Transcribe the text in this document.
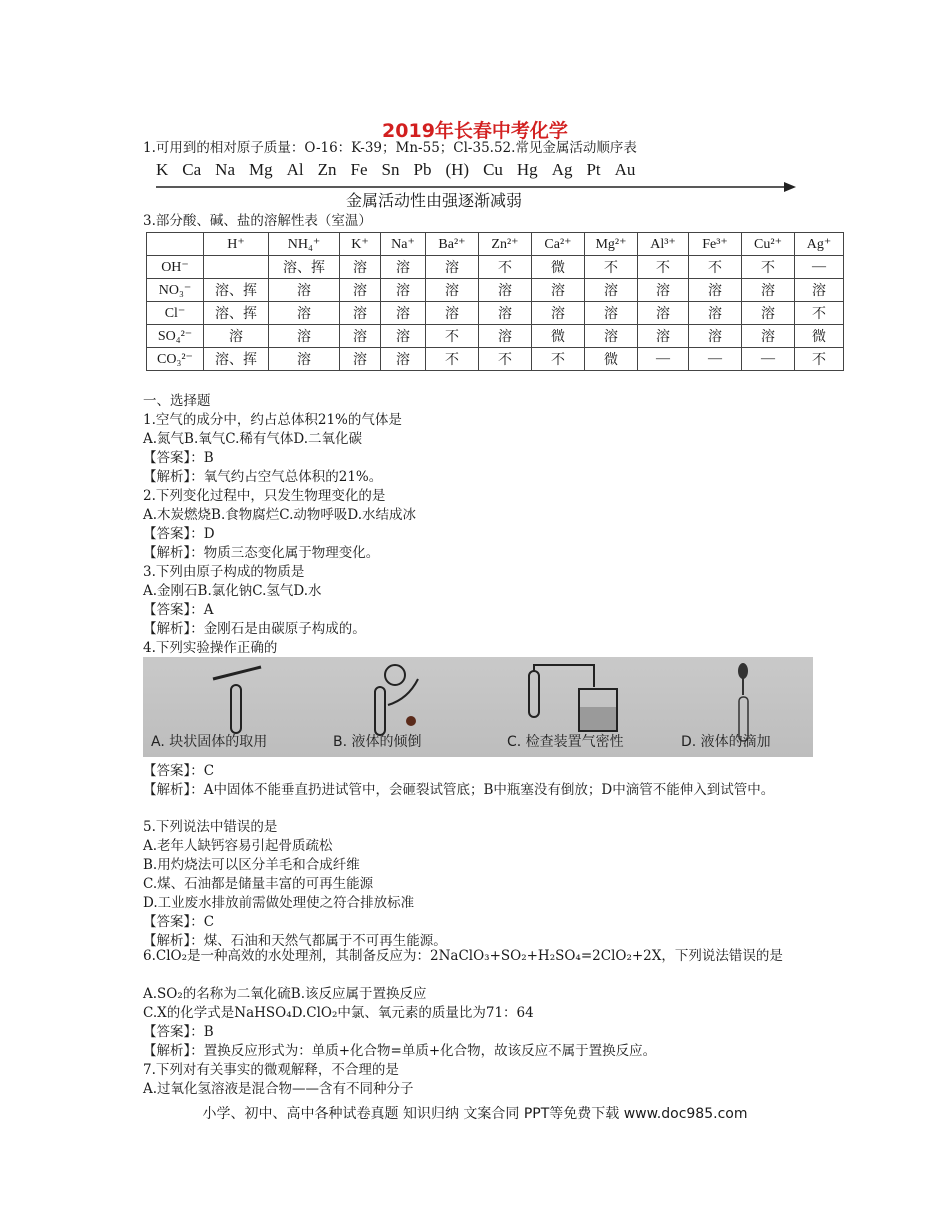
2019年长春中考化学
1.可用到的相对原子质量：O-16：K-39；Mn-55；Cl-35.52.常见金属活动顺序表
K Ca Na Mg Al Zn Fe Sn Pb (H) Cu Hg Ag Pt Au
金属活动性由强逐渐减弱
3.部分酸、碱、盐的溶解性表（室温）
	H⁺	NH₄⁺	K⁺	Na⁺	Ba²⁺	Zn²⁺	Ca²⁺	Mg²⁺	Al³⁺	Fe³⁺	Cu²⁺	Ag⁺
OH⁻		溶、挥	溶	溶	溶	不	微	不	不	不	不	—
NO₃⁻	溶、挥	溶	溶	溶	溶	溶	溶	溶	溶	溶	溶	溶
Cl⁻	溶、挥	溶	溶	溶	溶	溶	溶	溶	溶	溶	溶	不
SO₄²⁻	溶	溶	溶	溶	不	溶	微	溶	溶	溶	溶	微
CO₃²⁻	溶、挥	溶	溶	溶	不	不	不	微	—	—	—	不
一、选择题
1.空气的成分中，约占总体积21%的气体是
A.氮气B.氧气C.稀有气体D.二氧化碳
【答案】：B
【解析】：氧气约占空气总体积的21%。
2.下列变化过程中，只发生物理变化的是
A.木炭燃烧B.食物腐烂C.动物呼吸D.水结成冰
【答案】：D
【解析】：物质三态变化属于物理变化。
3.下列由原子构成的物质是
A.金刚石B.氯化钠C.氢气D.水
【答案】：A
【解析】：金刚石是由碳原子构成的。
4.下列实验操作正确的
A. 块状固体的取用	B. 液体的倾倒	C. 检查装置气密性	D. 液体的滴加
【答案】：C
【解析】：A中固体不能垂直扔进试管中，会砸裂试管底；B中瓶塞没有倒放；D中滴管不能伸入到试管中。
5.下列说法中错误的是
A.老年人缺钙容易引起骨质疏松
B.用灼烧法可以区分羊毛和合成纤维
C.煤、石油都是储量丰富的可再生能源
D.工业废水排放前需做处理使之符合排放标准
【答案】：C
【解析】：煤、石油和天然气都属于不可再生能源。
6.ClO₂是一种高效的水处理剂，其制备反应为：2NaClO₃+SO₂+H₂SO₄=2ClO₂+2X，下列说法错误的是
A.SO₂的名称为二氧化硫B.该反应属于置换反应
C.X的化学式是NaHSO₄D.ClO₂中氯、氧元素的质量比为71：64
【答案】：B
【解析】：置换反应形式为：单质+化合物=单质+化合物，故该反应不属于置换反应。
7.下列对有关事实的微观解释，不合理的是
A.过氧化氢溶液是混合物——含有不同种分子
小学、初中、高中各种试卷真题 知识归纳 文案合同 PPT等免费下载 www.doc985.com
